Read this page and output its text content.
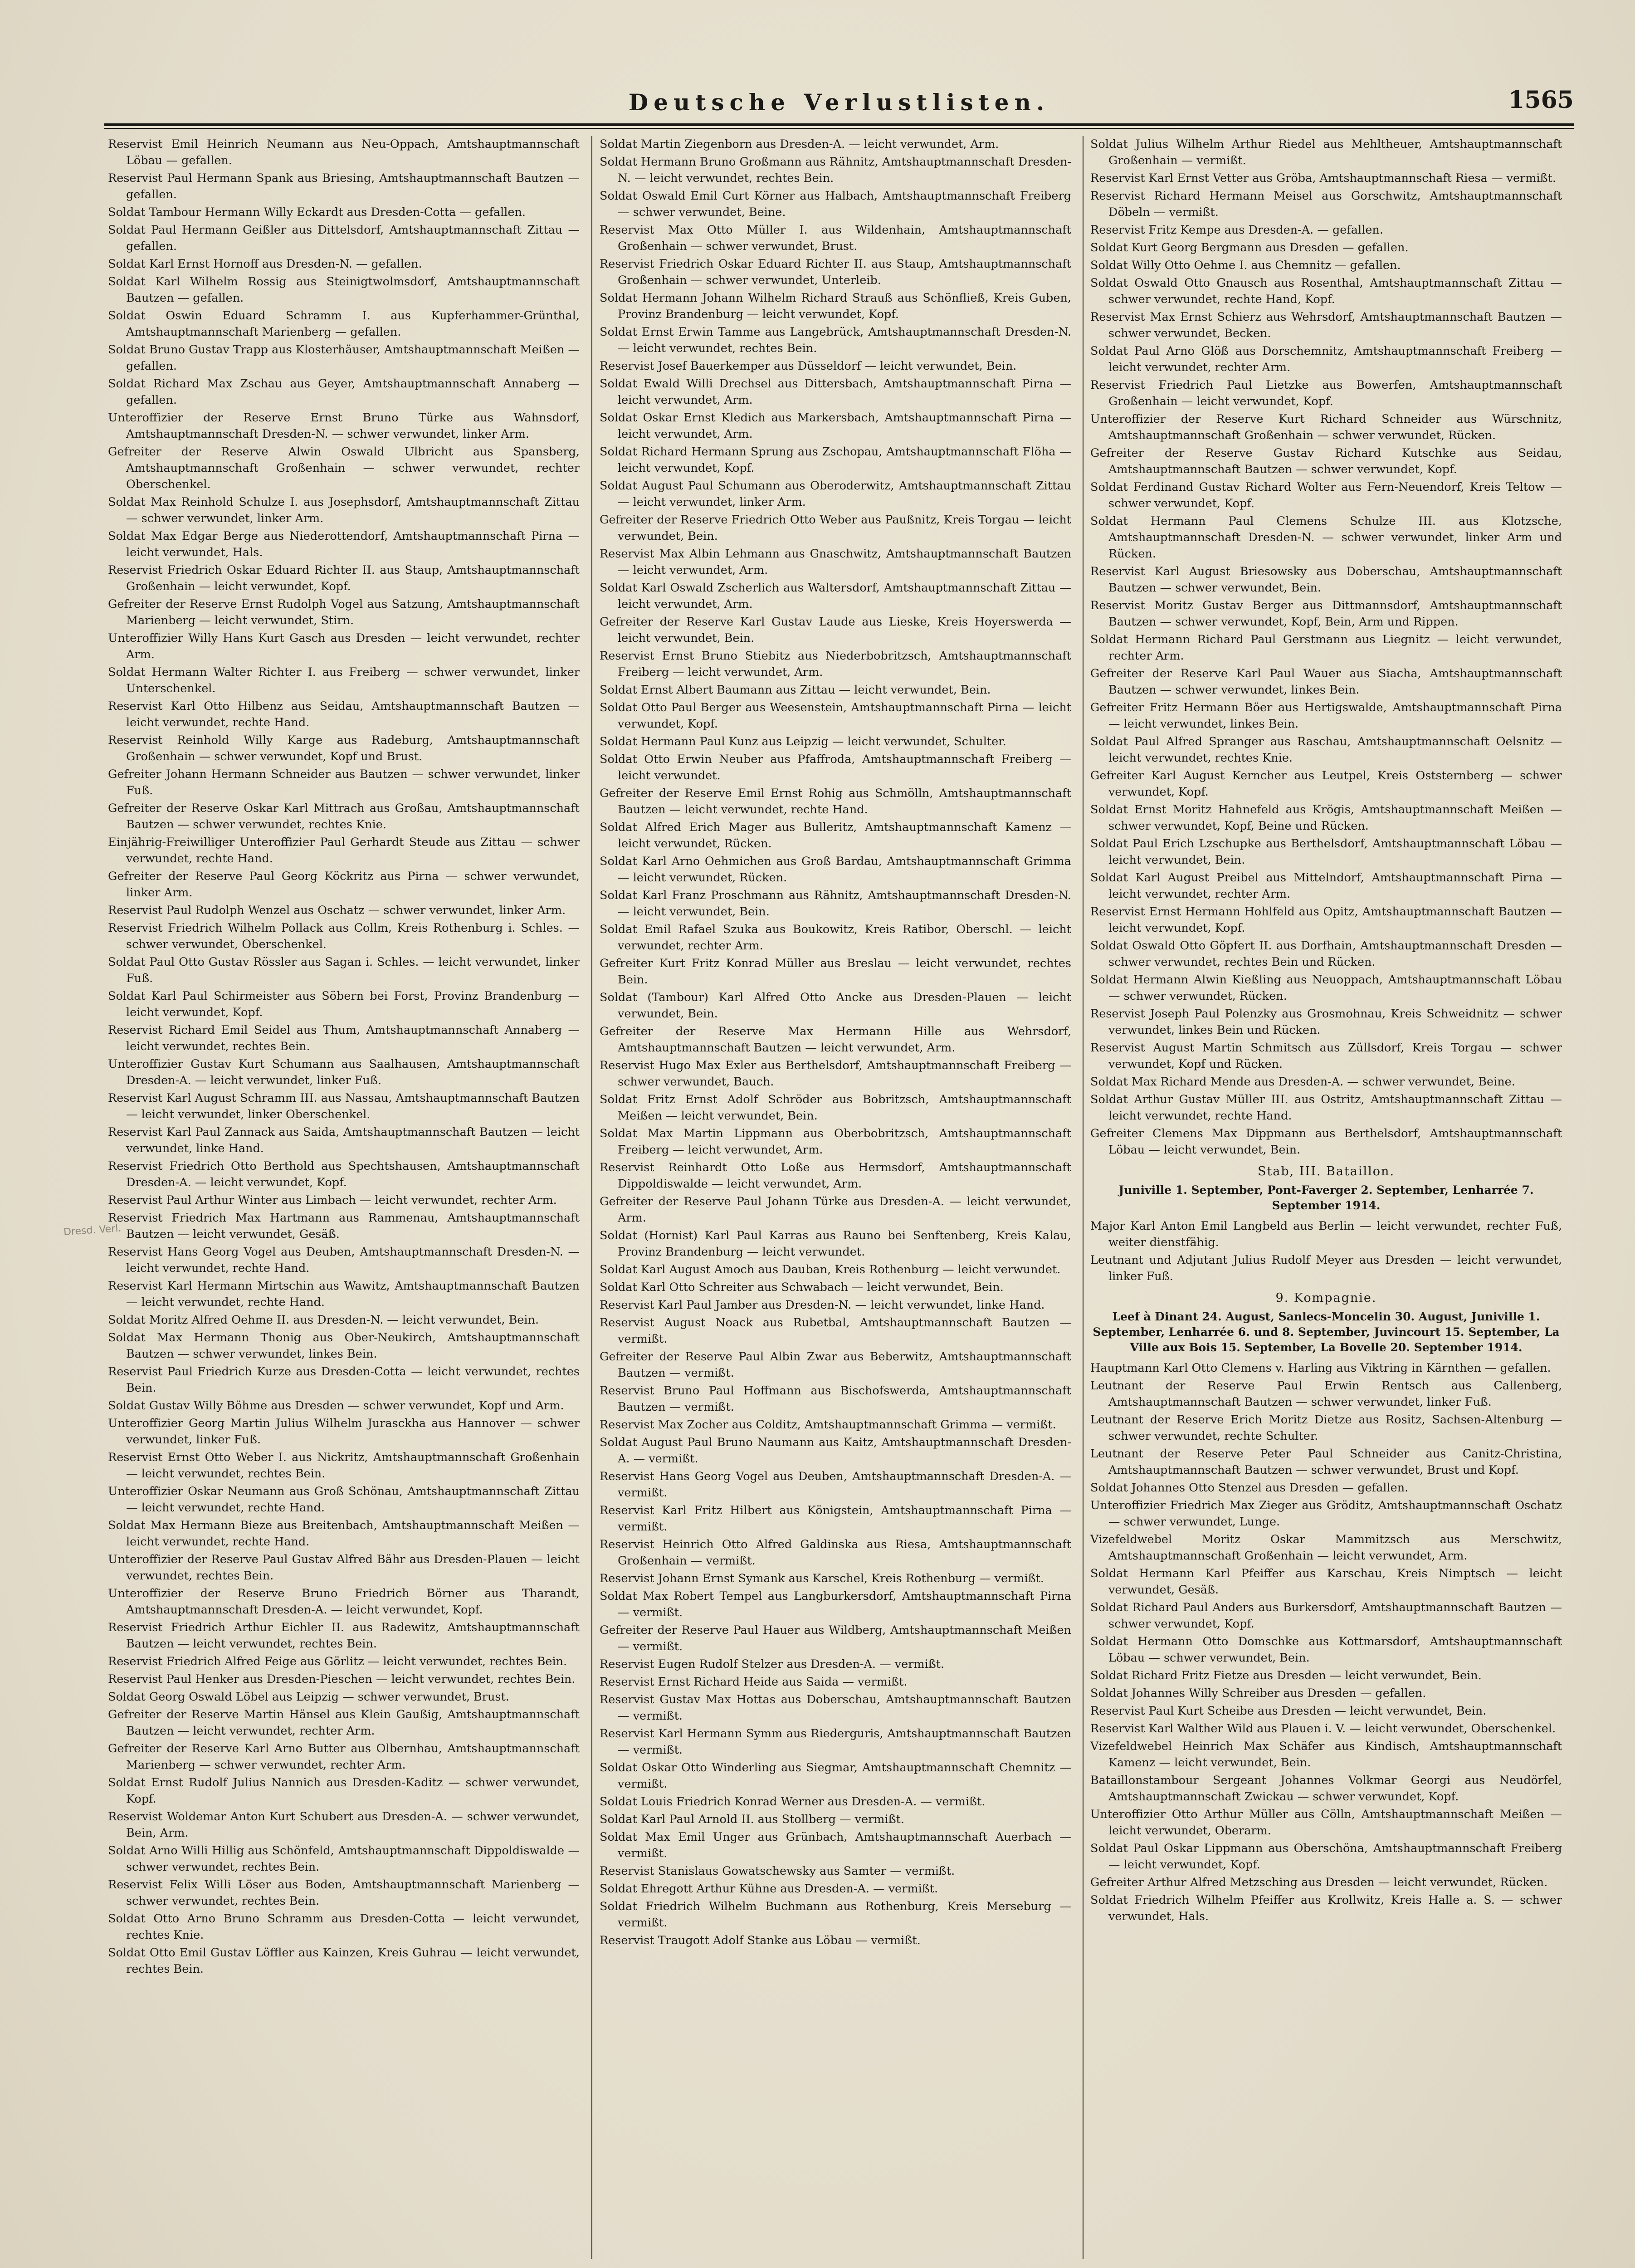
Deutsche Verlustlisten.	1565
Dresd. Verl.

Reservist Emil Heinrich Neumann aus Neu-Oppach, Amtshauptmannschaft Löbau — gefallen.

Reservist Paul Hermann Spank aus Briesing, Amtshauptmannschaft Bautzen — gefallen.

Soldat Tambour Hermann Willy Eckardt aus Dresden-Cotta — gefallen.

Soldat Paul Hermann Geißler aus Dittelsdorf, Amtshauptmannschaft Zittau — gefallen.

Soldat Karl Ernst Hornoff aus Dresden-N. — gefallen.

Soldat Karl Wilhelm Rossig aus Steinigtwolmsdorf, Amtshauptmannschaft Bautzen — gefallen.

Soldat Oswin Eduard Schramm I. aus Kupferhammer-Grünthal, Amtshauptmannschaft Marienberg — gefallen.

Soldat Bruno Gustav Trapp aus Klosterhäuser, Amtshauptmannschaft Meißen — gefallen.

Soldat Richard Max Zschau aus Geyer, Amtshauptmannschaft Annaberg — gefallen.

Unteroffizier der Reserve Ernst Bruno Türke aus Wahnsdorf, Amtshauptmannschaft Dresden-N. — schwer verwundet, linker Arm.

Gefreiter der Reserve Alwin Oswald Ulbricht aus Spansberg, Amtshauptmannschaft Großenhain — schwer verwundet, rechter Oberschenkel.

Soldat Max Reinhold Schulze I. aus Josephsdorf, Amtshauptmannschaft Zittau — schwer verwundet, linker Arm.

Soldat Max Edgar Berge aus Niederottendorf, Amtshauptmannschaft Pirna — leicht verwundet, Hals.

Reservist Friedrich Oskar Eduard Richter II. aus Staup, Amtshauptmannschaft Großenhain — leicht verwundet, Kopf.

Gefreiter der Reserve Ernst Rudolph Vogel aus Satzung, Amtshauptmannschaft Marienberg — leicht verwundet, Stirn.

Unteroffizier Willy Hans Kurt Gasch aus Dresden — leicht verwundet, rechter Arm.

Soldat Hermann Walter Richter I. aus Freiberg — schwer verwundet, linker Unterschenkel.

Reservist Karl Otto Hilbenz aus Seidau, Amtshauptmannschaft Bautzen — leicht verwundet, rechte Hand.

Reservist Reinhold Willy Karge aus Radeburg, Amtshauptmannschaft Großenhain — schwer verwundet, Kopf und Brust.

Gefreiter Johann Hermann Schneider aus Bautzen — schwer verwundet, linker Fuß.

Gefreiter der Reserve Oskar Karl Mittrach aus Großau, Amtshauptmannschaft Bautzen — schwer verwundet, rechtes Knie.

Einjährig-Freiwilliger Unteroffizier Paul Gerhardt Steude aus Zittau — schwer verwundet, rechte Hand.

Gefreiter der Reserve Paul Georg Köckritz aus Pirna — schwer verwundet, linker Arm.

Reservist Paul Rudolph Wenzel aus Oschatz — schwer verwundet, linker Arm.

Reservist Friedrich Wilhelm Pollack aus Collm, Kreis Rothenburg i. Schles. — schwer verwundet, Oberschenkel.

Soldat Paul Otto Gustav Rössler aus Sagan i. Schles. — leicht verwundet, linker Fuß.

Soldat Karl Paul Schirmeister aus Söbern bei Forst, Provinz Brandenburg — leicht verwundet, Kopf.

Reservist Richard Emil Seidel aus Thum, Amtshauptmannschaft Annaberg — leicht verwundet, rechtes Bein.

Unteroffizier Gustav Kurt Schumann aus Saalhausen, Amtshauptmannschaft Dresden-A. — leicht verwundet, linker Fuß.

Reservist Karl August Schramm III. aus Nassau, Amtshauptmannschaft Bautzen — leicht verwundet, linker Oberschenkel.

Reservist Karl Paul Zannack aus Saida, Amtshauptmannschaft Bautzen — leicht verwundet, linke Hand.

Reservist Friedrich Otto Berthold aus Spechtshausen, Amtshauptmannschaft Dresden-A. — leicht verwundet, Kopf.

Reservist Paul Arthur Winter aus Limbach — leicht verwundet, rechter Arm.

Reservist Friedrich Max Hartmann aus Rammenau, Amtshauptmannschaft Bautzen — leicht verwundet, Gesäß.

Reservist Hans Georg Vogel aus Deuben, Amtshauptmannschaft Dresden-N. — leicht verwundet, rechte Hand.

Reservist Karl Hermann Mirtschin aus Wawitz, Amtshauptmannschaft Bautzen — leicht verwundet, rechte Hand.

Soldat Moritz Alfred Oehme II. aus Dresden-N. — leicht verwundet, Bein.

Soldat Max Hermann Thonig aus Ober-Neukirch, Amtshauptmannschaft Bautzen — schwer verwundet, linkes Bein.

Reservist Paul Friedrich Kurze aus Dresden-Cotta — leicht verwundet, rechtes Bein.

Soldat Gustav Willy Böhme aus Dresden — schwer verwundet, Kopf und Arm.

Unteroffizier Georg Martin Julius Wilhelm Jurasckha aus Hannover — schwer verwundet, linker Fuß.

Reservist Ernst Otto Weber I. aus Nickritz, Amtshauptmannschaft Großenhain — leicht verwundet, rechtes Bein.

Unteroffizier Oskar Neumann aus Groß Schönau, Amtshauptmannschaft Zittau — leicht verwundet, rechte Hand.

Soldat Max Hermann Bieze aus Breitenbach, Amtshauptmannschaft Meißen — leicht verwundet, rechte Hand.

Unteroffizier der Reserve Paul Gustav Alfred Bähr aus Dresden-Plauen — leicht verwundet, rechtes Bein.

Unteroffizier der Reserve Bruno Friedrich Börner aus Tharandt, Amtshauptmannschaft Dresden-A. — leicht verwundet, Kopf.

Reservist Friedrich Arthur Eichler II. aus Radewitz, Amtshauptmannschaft Bautzen — leicht verwundet, rechtes Bein.

Reservist Friedrich Alfred Feige aus Görlitz — leicht verwundet, rechtes Bein.

Reservist Paul Henker aus Dresden-Pieschen — leicht verwundet, rechtes Bein.

Soldat Georg Oswald Löbel aus Leipzig — schwer verwundet, Brust.

Gefreiter der Reserve Martin Hänsel aus Klein Gaußig, Amtshauptmannschaft Bautzen — leicht verwundet, rechter Arm.

Gefreiter der Reserve Karl Arno Butter aus Olbernhau, Amtshauptmannschaft Marienberg — schwer verwundet, rechter Arm.

Soldat Ernst Rudolf Julius Nannich aus Dresden-Kaditz — schwer verwundet, Kopf.

Reservist Woldemar Anton Kurt Schubert aus Dresden-A. — schwer verwundet, Bein, Arm.

Soldat Arno Willi Hillig aus Schönfeld, Amtshauptmannschaft Dippoldiswalde — schwer verwundet, rechtes Bein.

Reservist Felix Willi Löser aus Boden, Amtshauptmannschaft Marienberg — schwer verwundet, rechtes Bein.

Soldat Otto Arno Bruno Schramm aus Dresden-Cotta — leicht verwundet, rechtes Knie.

Soldat Otto Emil Gustav Löffler aus Kainzen, Kreis Guhrau — leicht verwundet, rechtes Bein.

Soldat Martin Ziegenborn aus Dresden-A. — leicht verwundet, Arm.

Soldat Hermann Bruno Großmann aus Rähnitz, Amtshauptmannschaft Dresden-N. — leicht verwundet, rechtes Bein.

Soldat Oswald Emil Curt Körner aus Halbach, Amtshauptmannschaft Freiberg — schwer verwundet, Beine.

Reservist Max Otto Müller I. aus Wildenhain, Amtshauptmannschaft Großenhain — schwer verwundet, Brust.

Reservist Friedrich Oskar Eduard Richter II. aus Staup, Amtshauptmannschaft Großenhain — schwer verwundet, Unterleib.

Soldat Hermann Johann Wilhelm Richard Strauß aus Schönfließ, Kreis Guben, Provinz Brandenburg — leicht verwundet, Kopf.

Soldat Ernst Erwin Tamme aus Langebrück, Amtshauptmannschaft Dresden-N. — leicht verwundet, rechtes Bein.

Reservist Josef Bauerkemper aus Düsseldorf — leicht verwundet, Bein.

Soldat Ewald Willi Drechsel aus Dittersbach, Amtshauptmannschaft Pirna — leicht verwundet, Arm.

Soldat Oskar Ernst Kledich aus Markersbach, Amtshauptmannschaft Pirna — leicht verwundet, Arm.

Soldat Richard Hermann Sprung aus Zschopau, Amtshauptmannschaft Flöha — leicht verwundet, Kopf.

Soldat August Paul Schumann aus Oberoderwitz, Amtshauptmannschaft Zittau — leicht verwundet, linker Arm.

Gefreiter der Reserve Friedrich Otto Weber aus Paußnitz, Kreis Torgau — leicht verwundet, Bein.

Reservist Max Albin Lehmann aus Gnaschwitz, Amtshauptmannschaft Bautzen — leicht verwundet, Arm.

Soldat Karl Oswald Zscherlich aus Waltersdorf, Amtshauptmannschaft Zittau — leicht verwundet, Arm.

Gefreiter der Reserve Karl Gustav Laude aus Lieske, Kreis Hoyerswerda — leicht verwundet, Bein.

Reservist Ernst Bruno Stiebitz aus Niederbobritzsch, Amtshauptmannschaft Freiberg — leicht verwundet, Arm.

Soldat Ernst Albert Baumann aus Zittau — leicht verwundet, Bein.

Soldat Otto Paul Berger aus Weesenstein, Amtshauptmannschaft Pirna — leicht verwundet, Kopf.

Soldat Hermann Paul Kunz aus Leipzig — leicht verwundet, Schulter.

Soldat Otto Erwin Neuber aus Pfaffroda, Amtshauptmannschaft Freiberg — leicht verwundet.

Gefreiter der Reserve Emil Ernst Rohig aus Schmölln, Amtshauptmannschaft Bautzen — leicht verwundet, rechte Hand.

Soldat Alfred Erich Mager aus Bulleritz, Amtshauptmannschaft Kamenz — leicht verwundet, Rücken.

Soldat Karl Arno Oehmichen aus Groß Bardau, Amtshauptmannschaft Grimma — leicht verwundet, Rücken.

Soldat Karl Franz Proschmann aus Rähnitz, Amtshauptmannschaft Dresden-N. — leicht verwundet, Bein.

Soldat Emil Rafael Szuka aus Boukowitz, Kreis Ratibor, Oberschl. — leicht verwundet, rechter Arm.

Gefreiter Kurt Fritz Konrad Müller aus Breslau — leicht verwundet, rechtes Bein.

Soldat (Tambour) Karl Alfred Otto Ancke aus Dresden-Plauen — leicht verwundet, Bein.

Gefreiter der Reserve Max Hermann Hille aus Wehrsdorf, Amtshauptmannschaft Bautzen — leicht verwundet, Arm.

Reservist Hugo Max Exler aus Berthelsdorf, Amtshauptmannschaft Freiberg — schwer verwundet, Bauch.

Soldat Fritz Ernst Adolf Schröder aus Bobritzsch, Amtshauptmannschaft Meißen — leicht verwundet, Bein.

Soldat Max Martin Lippmann aus Oberbobritzsch, Amtshauptmannschaft Freiberg — leicht verwundet, Arm.

Reservist Reinhardt Otto Loße aus Hermsdorf, Amtshauptmannschaft Dippoldiswalde — leicht verwundet, Arm.

Gefreiter der Reserve Paul Johann Türke aus Dresden-A. — leicht verwundet, Arm.

Soldat (Hornist) Karl Paul Karras aus Rauno bei Senftenberg, Kreis Kalau, Provinz Brandenburg — leicht verwundet.

Soldat Karl August Amoch aus Dauban, Kreis Rothenburg — leicht verwundet.

Soldat Karl Otto Schreiter aus Schwabach — leicht verwundet, Bein.

Reservist Karl Paul Jamber aus Dresden-N. — leicht verwundet, linke Hand.

Reservist August Noack aus Rubetbal, Amtshauptmannschaft Bautzen — vermißt.

Gefreiter der Reserve Paul Albin Zwar aus Beberwitz, Amtshauptmannschaft Bautzen — vermißt.

Reservist Bruno Paul Hoffmann aus Bischofswerda, Amtshauptmannschaft Bautzen — vermißt.

Reservist Max Zocher aus Colditz, Amtshauptmannschaft Grimma — vermißt.

Soldat August Paul Bruno Naumann aus Kaitz, Amtshauptmannschaft Dresden-A. — vermißt.

Reservist Hans Georg Vogel aus Deuben, Amtshauptmannschaft Dresden-A. — vermißt.

Reservist Karl Fritz Hilbert aus Königstein, Amtshauptmannschaft Pirna — vermißt.

Reservist Heinrich Otto Alfred Galdinska aus Riesa, Amtshauptmannschaft Großenhain — vermißt.

Reservist Johann Ernst Symank aus Karschel, Kreis Rothenburg — vermißt.

Soldat Max Robert Tempel aus Langburkersdorf, Amtshauptmannschaft Pirna — vermißt.

Gefreiter der Reserve Paul Hauer aus Wildberg, Amtshauptmannschaft Meißen — vermißt.

Reservist Eugen Rudolf Stelzer aus Dresden-A. — vermißt.

Reservist Ernst Richard Heide aus Saida — vermißt.

Reservist Gustav Max Hottas aus Doberschau, Amtshauptmannschaft Bautzen — vermißt.

Reservist Karl Hermann Symm aus Riederguris, Amtshauptmannschaft Bautzen — vermißt.

Soldat Oskar Otto Winderling aus Siegmar, Amtshauptmannschaft Chemnitz — vermißt.

Soldat Louis Friedrich Konrad Werner aus Dresden-A. — vermißt.

Soldat Karl Paul Arnold II. aus Stollberg — vermißt.

Soldat Max Emil Unger aus Grünbach, Amtshauptmannschaft Auerbach — vermißt.

Reservist Stanislaus Gowatschewsky aus Samter — vermißt.

Soldat Ehregott Arthur Kühne aus Dresden-A. — vermißt.

Soldat Friedrich Wilhelm Buchmann aus Rothenburg, Kreis Merseburg — vermißt.

Reservist Traugott Adolf Stanke aus Löbau — vermißt.

Soldat Julius Wilhelm Arthur Riedel aus Mehltheuer, Amtshauptmannschaft Großenhain — vermißt.

Reservist Karl Ernst Vetter aus Gröba, Amtshauptmannschaft Riesa — vermißt.

Reservist Richard Hermann Meisel aus Gorschwitz, Amtshauptmannschaft Döbeln — vermißt.

Reservist Fritz Kempe aus Dresden-A. — gefallen.

Soldat Kurt Georg Bergmann aus Dresden — gefallen.

Soldat Willy Otto Oehme I. aus Chemnitz — gefallen.

Soldat Oswald Otto Gnausch aus Rosenthal, Amtshauptmannschaft Zittau — schwer verwundet, rechte Hand, Kopf.

Reservist Max Ernst Schierz aus Wehrsdorf, Amtshauptmannschaft Bautzen — schwer verwundet, Becken.

Soldat Paul Arno Glöß aus Dorschemnitz, Amtshauptmannschaft Freiberg — leicht verwundet, rechter Arm.

Reservist Friedrich Paul Lietzke aus Bowerfen, Amtshauptmannschaft Großenhain — leicht verwundet, Kopf.

Unteroffizier der Reserve Kurt Richard Schneider aus Würschnitz, Amtshauptmannschaft Großenhain — schwer verwundet, Rücken.

Gefreiter der Reserve Gustav Richard Kutschke aus Seidau, Amtshauptmannschaft Bautzen — schwer verwundet, Kopf.

Soldat Ferdinand Gustav Richard Wolter aus Fern-Neuendorf, Kreis Teltow — schwer verwundet, Kopf.

Soldat Hermann Paul Clemens Schulze III. aus Klotzsche, Amtshauptmannschaft Dresden-N. — schwer verwundet, linker Arm und Rücken.

Reservist Karl August Briesowsky aus Doberschau, Amtshauptmannschaft Bautzen — schwer verwundet, Bein.

Reservist Moritz Gustav Berger aus Dittmannsdorf, Amtshauptmannschaft Bautzen — schwer verwundet, Kopf, Bein, Arm und Rippen.

Soldat Hermann Richard Paul Gerstmann aus Liegnitz — leicht verwundet, rechter Arm.

Gefreiter der Reserve Karl Paul Wauer aus Siacha, Amtshauptmannschaft Bautzen — schwer verwundet, linkes Bein.

Gefreiter Fritz Hermann Böer aus Hertigswalde, Amtshauptmannschaft Pirna — leicht verwundet, linkes Bein.

Soldat Paul Alfred Spranger aus Raschau, Amtshauptmannschaft Oelsnitz — leicht verwundet, rechtes Knie.

Gefreiter Karl August Kerncher aus Leutpel, Kreis Oststernberg — schwer verwundet, Kopf.

Soldat Ernst Moritz Hahnefeld aus Krögis, Amtshauptmannschaft Meißen — schwer verwundet, Kopf, Beine und Rücken.

Soldat Paul Erich Lzschupke aus Berthelsdorf, Amtshauptmannschaft Löbau — leicht verwundet, Bein.

Soldat Karl August Preibel aus Mittelndorf, Amtshauptmannschaft Pirna — leicht verwundet, rechter Arm.

Reservist Ernst Hermann Hohlfeld aus Opitz, Amtshauptmannschaft Bautzen — leicht verwundet, Kopf.

Soldat Oswald Otto Göpfert II. aus Dorfhain, Amtshauptmannschaft Dresden — schwer verwundet, rechtes Bein und Rücken.

Soldat Hermann Alwin Kießling aus Neuoppach, Amtshauptmannschaft Löbau — schwer verwundet, Rücken.

Reservist Joseph Paul Polenzky aus Grosmohnau, Kreis Schweidnitz — schwer verwundet, linkes Bein und Rücken.

Reservist August Martin Schmitsch aus Züllsdorf, Kreis Torgau — schwer verwundet, Kopf und Rücken.

Soldat Max Richard Mende aus Dresden-A. — schwer verwundet, Beine.

Soldat Arthur Gustav Müller III. aus Ostritz, Amtshauptmannschaft Zittau — leicht verwundet, rechte Hand.

Gefreiter Clemens Max Dippmann aus Berthelsdorf, Amtshauptmannschaft Löbau — leicht verwundet, Bein.

Stab, III. Bataillon.
Juniville 1. September, Pont-Faverger 2. September, Lenharrée 7. September 1914.

Major Karl Anton Emil Langbeld aus Berlin — leicht verwundet, rechter Fuß, weiter dienstfähig.

Leutnant und Adjutant Julius Rudolf Meyer aus Dresden — leicht verwundet, linker Fuß.

9. Kompagnie.
Leef à Dinant 24. August, Sanlecs-Moncelin 30. August, Juniville 1. September, Lenharrée 6. und 8. September, Juvincourt 15. September, La Ville aux Bois 15. September, La Bovelle 20. September 1914.

Hauptmann Karl Otto Clemens v. Harling aus Viktring in Kärnthen — gefallen.

Leutnant der Reserve Paul Erwin Rentsch aus Callenberg, Amtshauptmannschaft Bautzen — schwer verwundet, linker Fuß.

Leutnant der Reserve Erich Moritz Dietze aus Rositz, Sachsen-Altenburg — schwer verwundet, rechte Schulter.

Leutnant der Reserve Peter Paul Schneider aus Canitz-Christina, Amtshauptmannschaft Bautzen — schwer verwundet, Brust und Kopf.

Soldat Johannes Otto Stenzel aus Dresden — gefallen.

Unteroffizier Friedrich Max Zieger aus Gröditz, Amtshauptmannschaft Oschatz — schwer verwundet, Lunge.

Vizefeldwebel Moritz Oskar Mammitzsch aus Merschwitz, Amtshauptmannschaft Großenhain — leicht verwundet, Arm.

Soldat Hermann Karl Pfeiffer aus Karschau, Kreis Nimptsch — leicht verwundet, Gesäß.

Soldat Richard Paul Anders aus Burkersdorf, Amtshauptmannschaft Bautzen — schwer verwundet, Kopf.

Soldat Hermann Otto Domschke aus Kottmarsdorf, Amtshauptmannschaft Löbau — schwer verwundet, Bein.

Soldat Richard Fritz Fietze aus Dresden — leicht verwundet, Bein.

Soldat Johannes Willy Schreiber aus Dresden — gefallen.

Reservist Paul Kurt Scheibe aus Dresden — leicht verwundet, Bein.

Reservist Karl Walther Wild aus Plauen i. V. — leicht verwundet, Oberschenkel.

Vizefeldwebel Heinrich Max Schäfer aus Kindisch, Amtshauptmannschaft Kamenz — leicht verwundet, Bein.

Bataillonstambour Sergeant Johannes Volkmar Georgi aus Neudörfel, Amtshauptmannschaft Zwickau — schwer verwundet, Kopf.

Unteroffizier Otto Arthur Müller aus Cölln, Amtshauptmannschaft Meißen — leicht verwundet, Oberarm.

Soldat Paul Oskar Lippmann aus Oberschöna, Amtshauptmannschaft Freiberg — leicht verwundet, Kopf.

Gefreiter Arthur Alfred Metzsching aus Dresden — leicht verwundet, Rücken.

Soldat Friedrich Wilhelm Pfeiffer aus Krollwitz, Kreis Halle a. S. — schwer verwundet, Hals.
